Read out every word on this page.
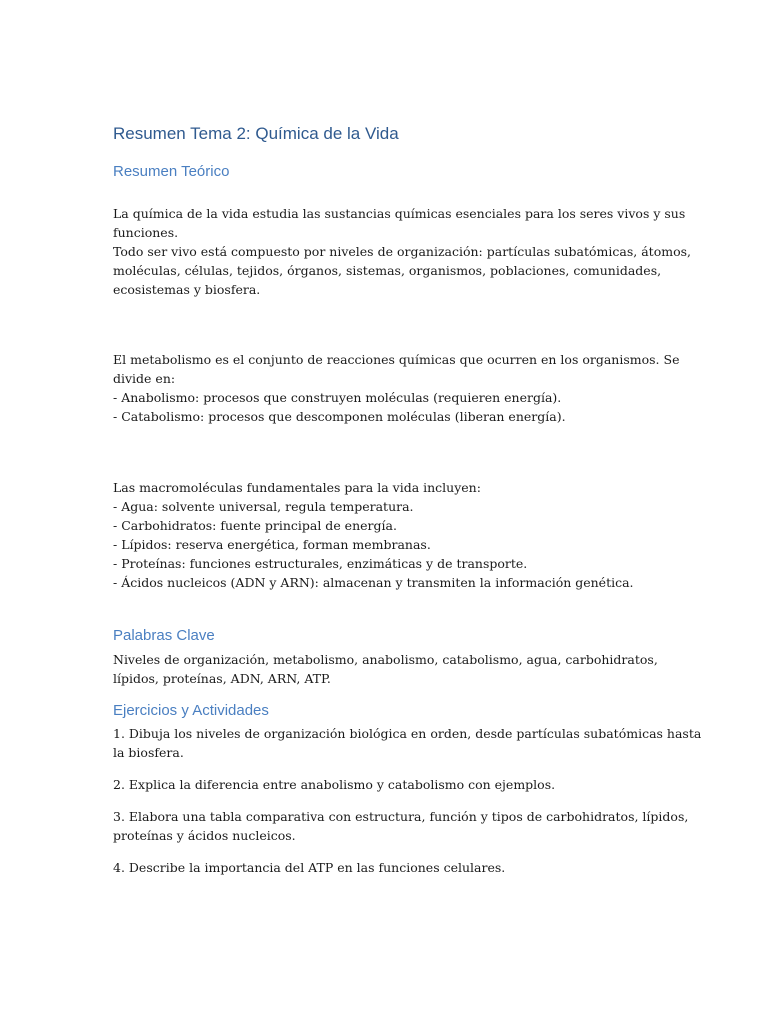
Resumen Tema 2: Química de la Vida
Resumen Teórico

La química de la vida estudia las sustancias químicas esenciales para los seres vivos y sus
funciones.
Todo ser vivo está compuesto por niveles de organización: partículas subatómicas, átomos,
moléculas, células, tejidos, órganos, sistemas, organismos, poblaciones, comunidades,
ecosistemas y biosfera.

El metabolismo es el conjunto de reacciones químicas que ocurren en los organismos. Se
divide en:
- Anabolismo: procesos que construyen moléculas (requieren energía).
- Catabolismo: procesos que descomponen moléculas (liberan energía).

Las macromoléculas fundamentales para la vida incluyen:
- Agua: solvente universal, regula temperatura.
- Carbohidratos: fuente principal de energía.
- Lípidos: reserva energética, forman membranas.
- Proteínas: funciones estructurales, enzimáticas y de transporte.
- Ácidos nucleicos (ADN y ARN): almacenan y transmiten la información genética.

Palabras Clave

Niveles de organización, metabolismo, anabolismo, catabolismo, agua, carbohidratos,
lípidos, proteínas, ADN, ARN, ATP.

Ejercicios y Actividades

1. Dibuja los niveles de organización biológica en orden, desde partículas subatómicas hasta
la biosfera.

2. Explica la diferencia entre anabolismo y catabolismo con ejemplos.

3. Elabora una tabla comparativa con estructura, función y tipos de carbohidratos, lípidos,
proteínas y ácidos nucleicos.

4. Describe la importancia del ATP en las funciones celulares.
